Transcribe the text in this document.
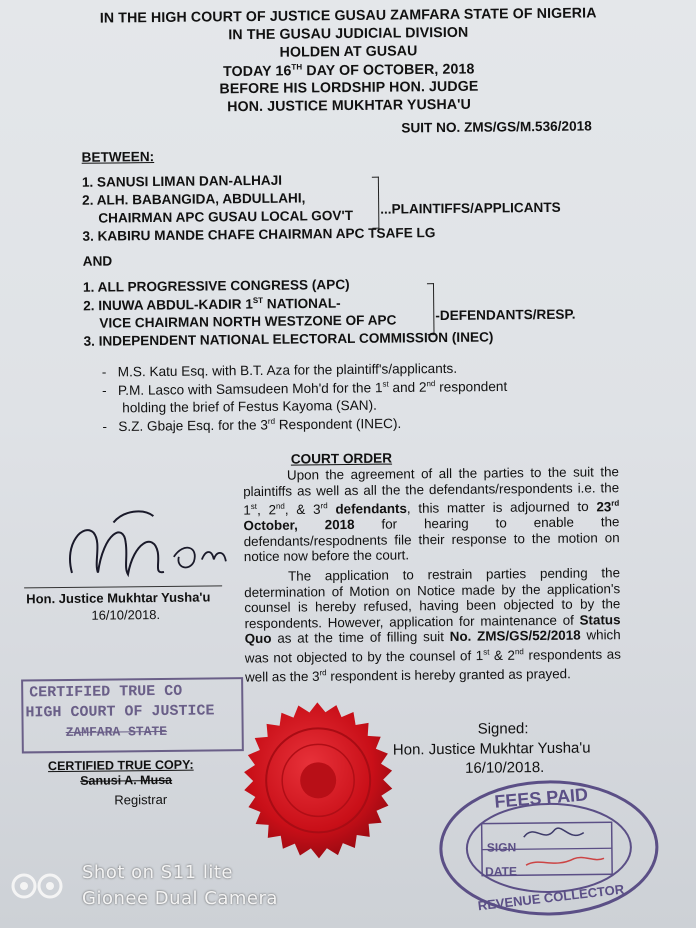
IN THE HIGH COURT OF JUSTICE GUSAU ZAMFARA STATE OF NIGERIA
IN THE GUSAU JUDICIAL DIVISION
HOLDEN AT GUSAU
TODAY 16TH DAY OF OCTOBER, 2018
BEFORE HIS LORDSHIP HON. JUDGE
HON. JUSTICE MUKHTAR YUSHA'U
SUIT NO. ZMS/GS/M.536/2018
BETWEEN:
1. SANUSI LIMAN DAN-ALHAJI
2. ALH. BABANGIDA, ABDULLAHI,
CHAIRMAN APC GUSAU LOCAL GOV'T ...PLAINTIFFS/APPLICANTS
3. KABIRU MANDE CHAFE CHAIRMAN APC TSAFE LG
AND
1. ALL PROGRESSIVE CONGRESS (APC)
2. INUWA ABDUL-KADIR 1ST NATIONAL-
VICE CHAIRMAN NORTH WESTZONE OF APC	-DEFENDANTS/RESP.
3. INDEPENDENT NATIONAL ELECTORAL COMMISSION (INEC)
-   M.S. Katu Esq. with B.T. Aza for the plaintiff's/applicants.
-   P.M. Lasco with Samsudeen Moh'd for the 1st and 2nd respondent
holding the brief of Festus Kayoma (SAN).
-   S.Z. Gbaje Esq. for the 3rd Respondent (INEC).
COURT ORDER

Upon the agreement of all the parties to the suit the plaintiffs as well as all the the defendants/respondents i.e. the 1st, 2nd, & 3rd defendants, this matter is adjourned to 23rd October, 2018 for hearing to enable the defendants/respodnents file their response to the motion on notice now before the court.

The application to restrain parties pending the determination of Motion on Notice made by the application's counsel is hereby refused, having been objected to by the respondents. However, application for maintenance of Status Quo as at the time of filling suit No. ZMS/GS/52/2018 which was not objected to by the counsel of 1st & 2nd respondents as well as the 3rd respondent is hereby granted as prayed.

Hon. Justice Mukhtar Yusha'u
16/10/2018.
Signed:
Hon. Justice Mukhtar Yusha'u
16/10/2018.
CERTIFIED TRUE CO
HIGH COURT OF JUSTICE
ZAMFARA STATE
CERTIFIED TRUE COPY:
Sanusi A. Musa
Registrar	FEES PAID
SIGN
DATE
REVENUE COLLECTOR
Shot on S11 lite
Gionee Dual Camera
